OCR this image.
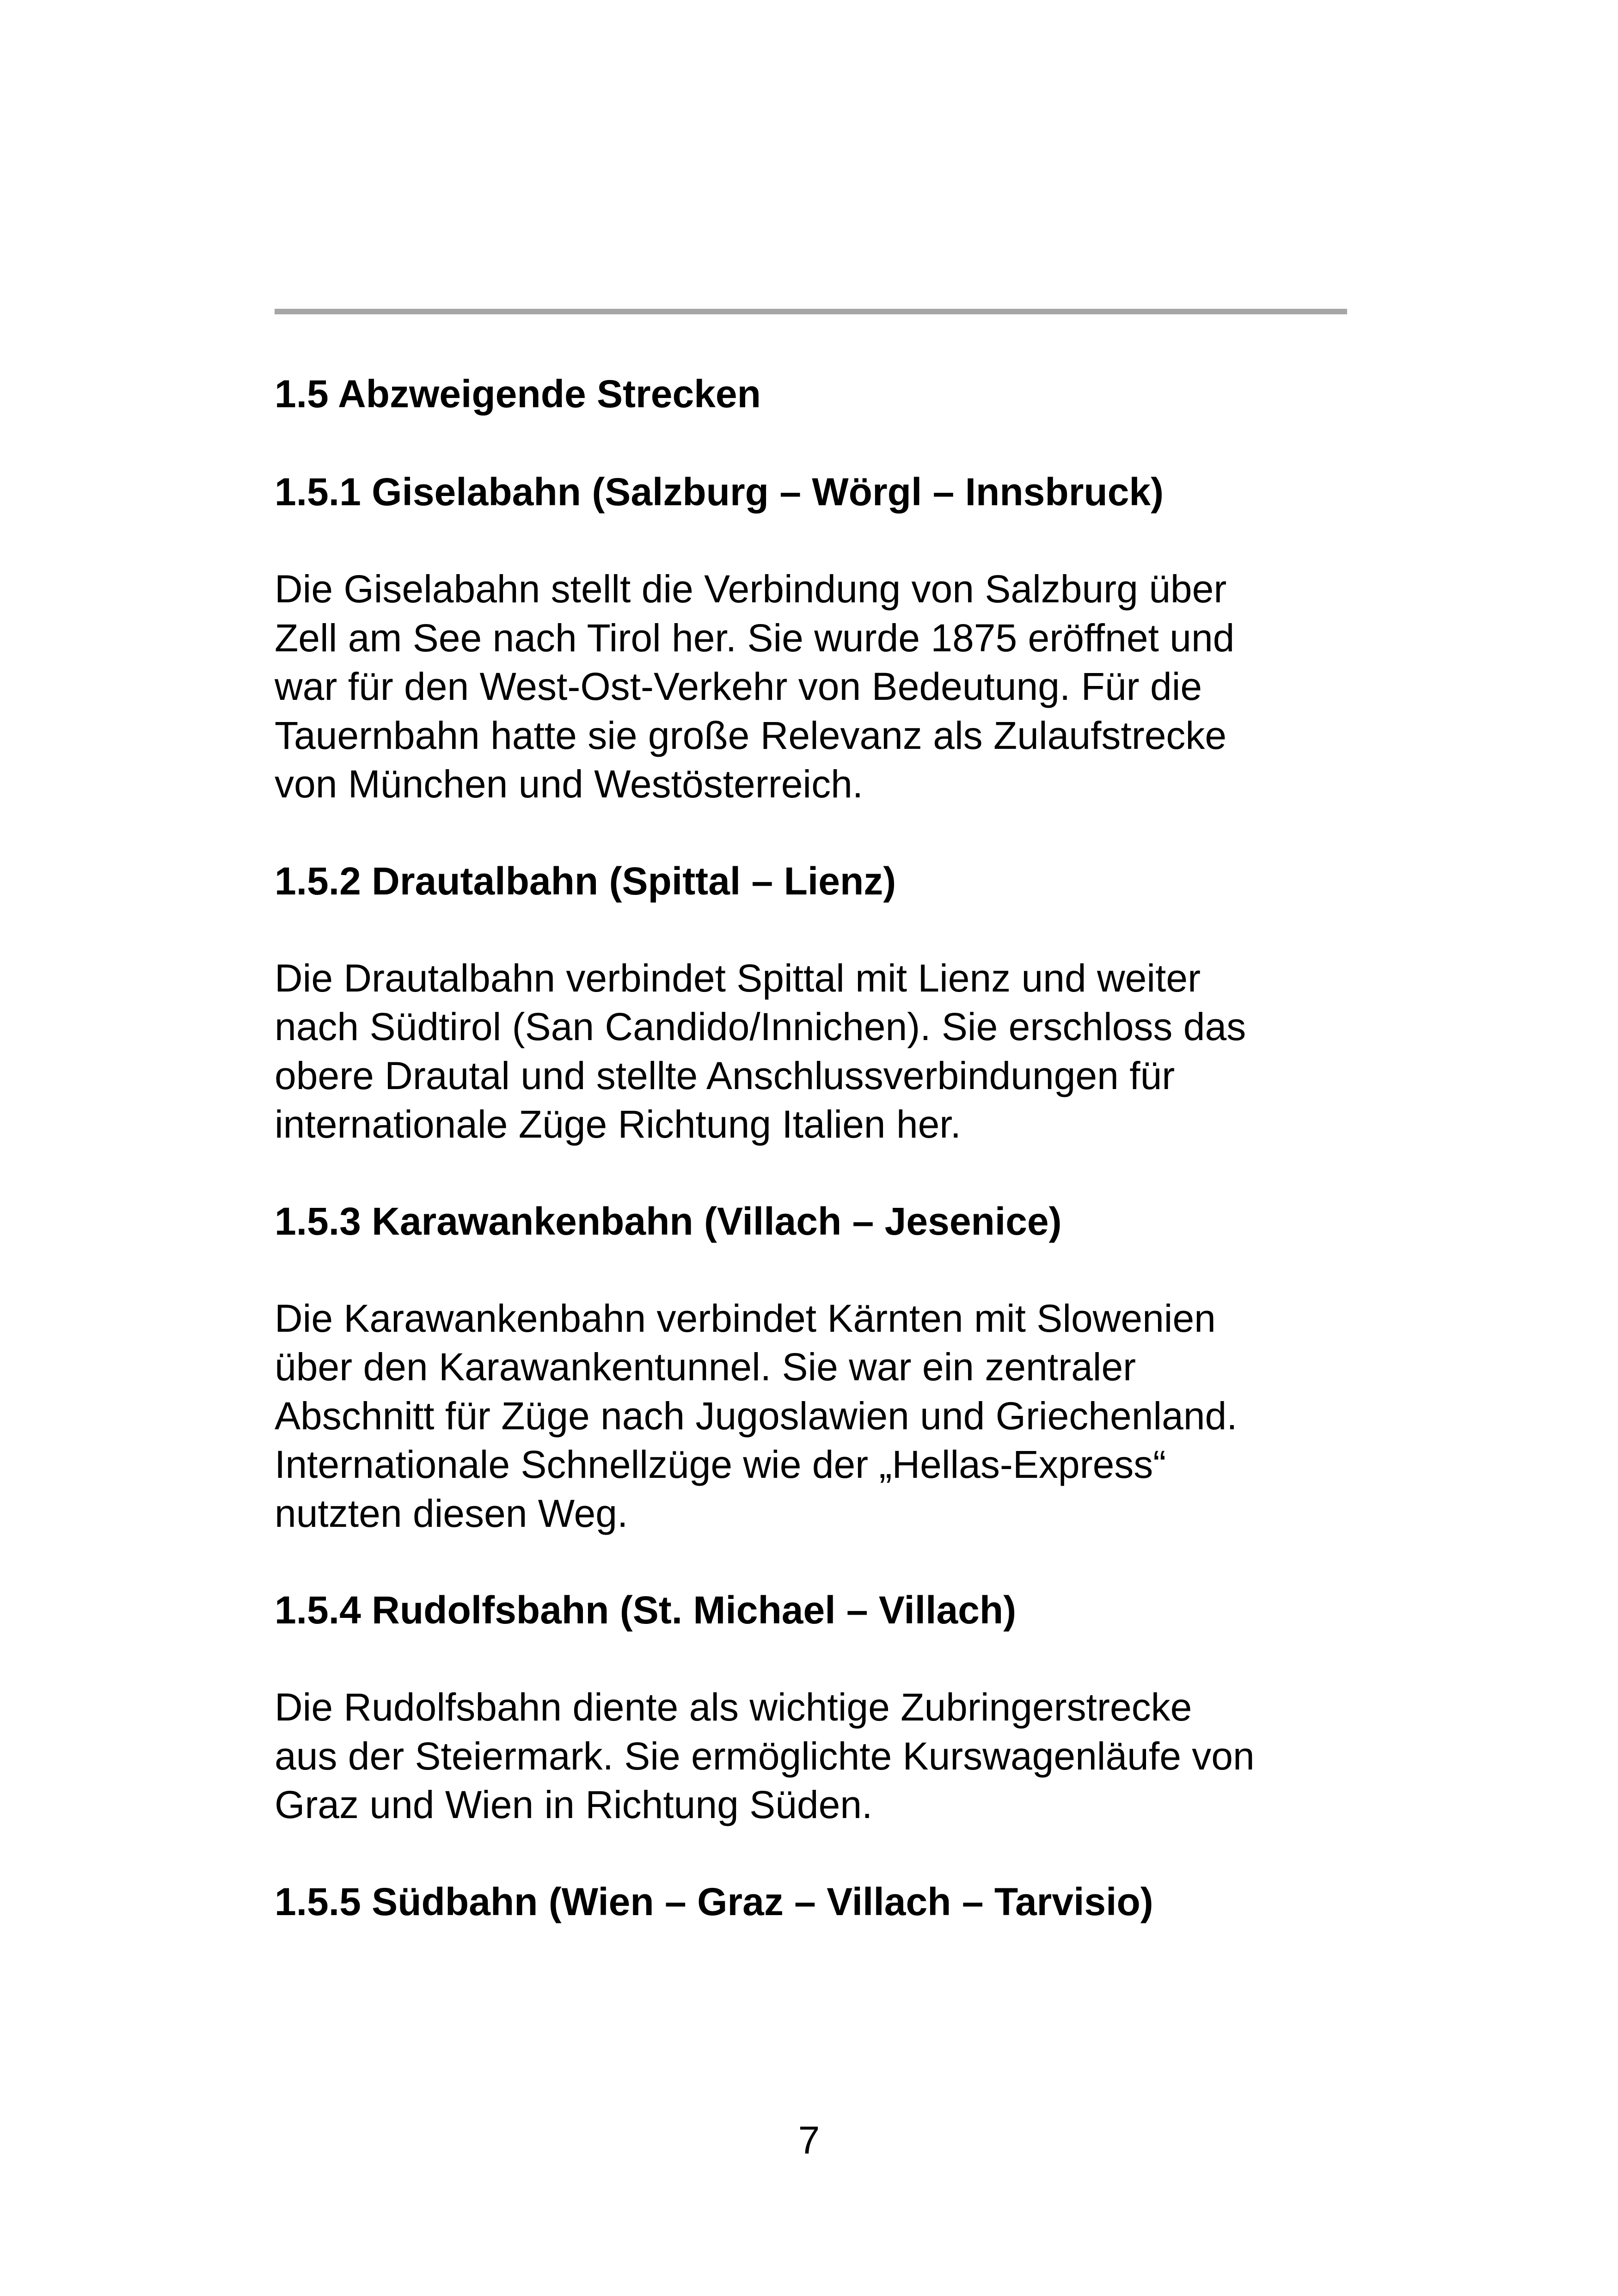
1.5 Abzweigende Strecken
1.5.1 Giselabahn (Salzburg – Wörgl – Innsbruck)

Die Giselabahn stellt die Verbindung von Salzburg über
Zell am See nach Tirol her. Sie wurde 1875 eröffnet und
war für den West-Ost-Verkehr von Bedeutung. Für die
Tauernbahn hatte sie große Relevanz als Zulaufstrecke
von München und Westösterreich.

1.5.2 Drautalbahn (Spittal – Lienz)

Die Drautalbahn verbindet Spittal mit Lienz und weiter
nach Südtirol (San Candido/Innichen). Sie erschloss das
obere Drautal und stellte Anschlussverbindungen für
internationale Züge Richtung Italien her.

1.5.3 Karawankenbahn (Villach – Jesenice)

Die Karawankenbahn verbindet Kärnten mit Slowenien
über den Karawankentunnel. Sie war ein zentraler
Abschnitt für Züge nach Jugoslawien und Griechenland.
Internationale Schnellzüge wie der „Hellas-Express“
nutzten diesen Weg.

1.5.4 Rudolfsbahn (St. Michael – Villach)

Die Rudolfsbahn diente als wichtige Zubringerstrecke
aus der Steiermark. Sie ermöglichte Kurswagenläufe von
Graz und Wien in Richtung Süden.

1.5.5 Südbahn (Wien – Graz – Villach – Tarvisio)
7
